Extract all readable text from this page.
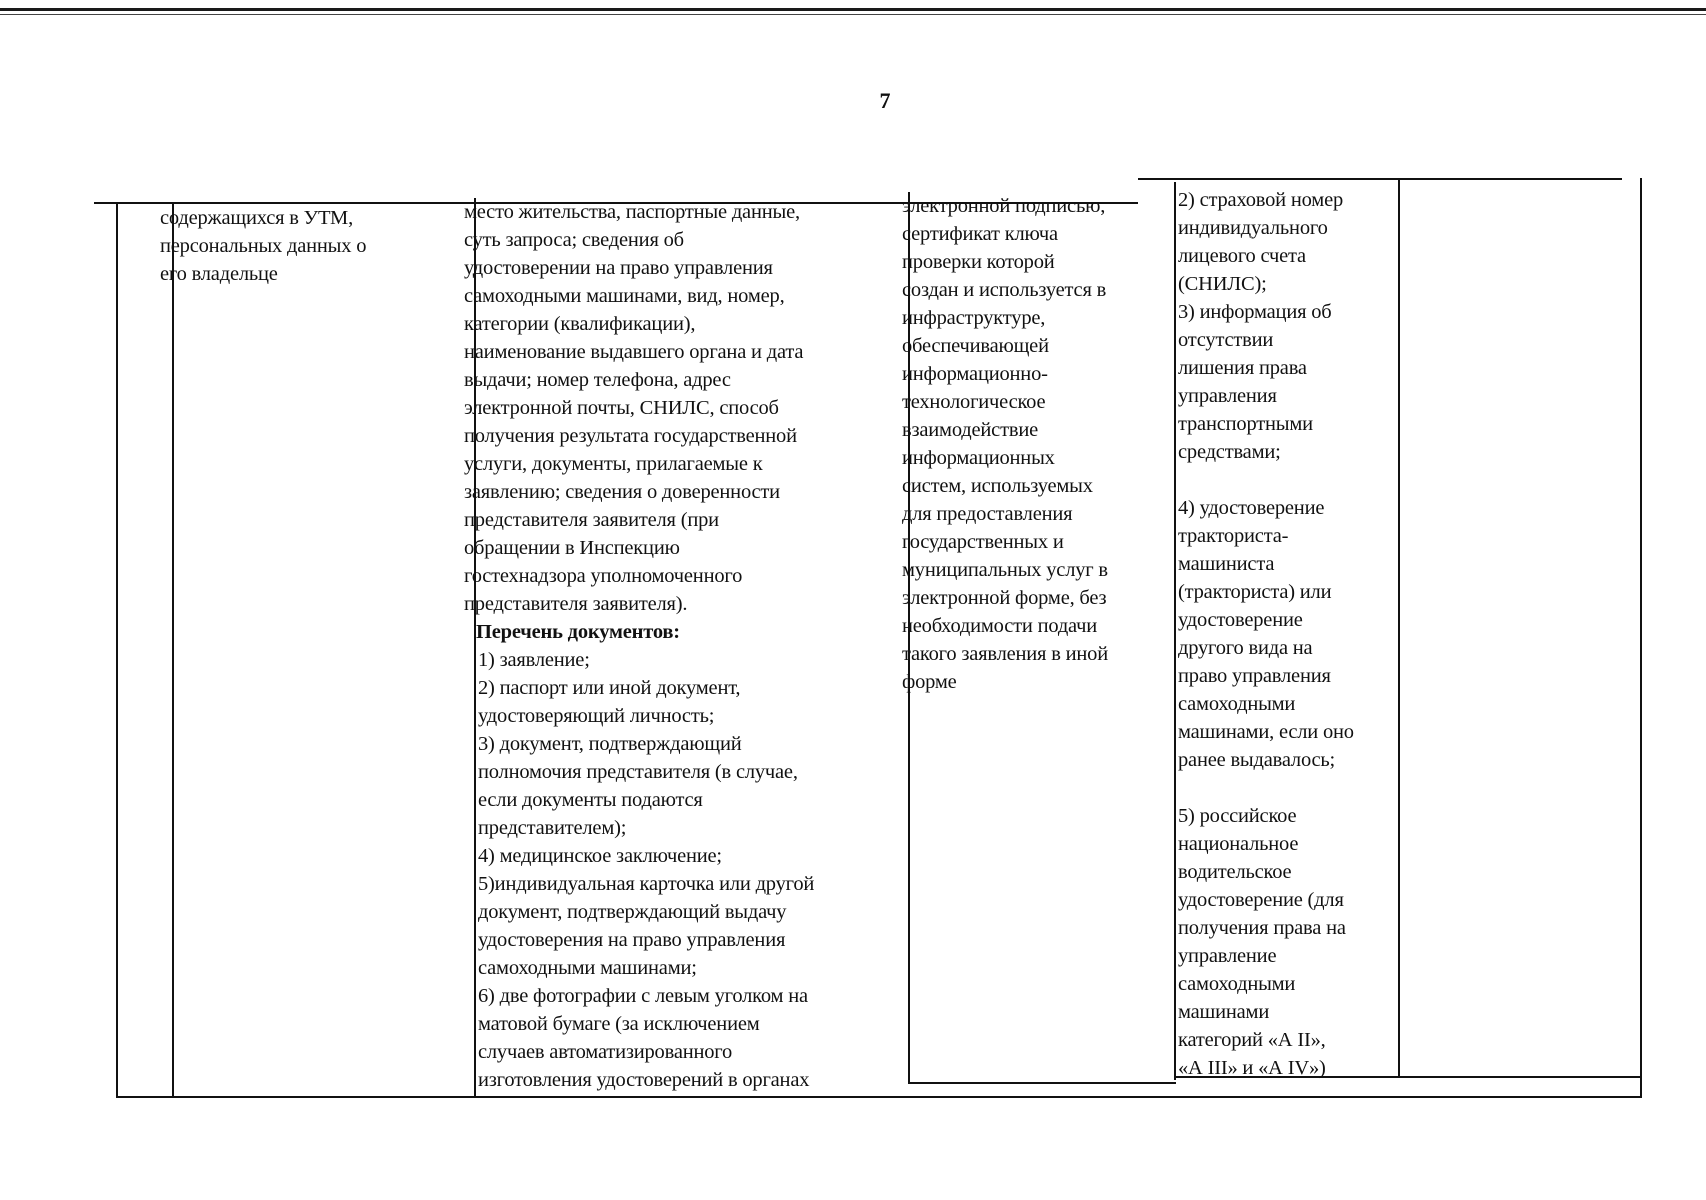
7
содержащихся в УТМ,
персональных данных о
его владельце
место жительства, паспортные данные,
суть запроса; сведения об
удостоверении на право управления
самоходными машинами, вид, номер,
категории (квалификации),
наименование выдавшего органа и дата
выдачи; номер телефона, адрес
электронной почты, СНИЛС, способ
получения результата государственной
услуги, документы, прилагаемые к
заявлению; сведения о доверенности
представителя заявителя (при
обращении в Инспекцию
гостехнадзора уполномоченного
представителя заявителя).
Перечень документов:
1) заявление;
2) паспорт или иной документ,
удостоверяющий личность;
3) документ, подтверждающий
полномочия представителя (в случае,
если документы подаются
представителем);
4) медицинское заключение;
5)индивидуальная карточка или другой
документ, подтверждающий выдачу
удостоверения на право управления
самоходными машинами;
6) две фотографии с левым уголком на
матовой бумаге (за исключением
случаев автоматизированного
изготовления удостоверений в органах
электронной подписью,
сертификат ключа
проверки которой
создан и используется в
инфраструктуре,
обеспечивающей
информационно-
технологическое
взаимодействие
информационных
систем, используемых
для предоставления
государственных и
муниципальных услуг в
электронной форме, без
необходимости подачи
такого заявления в иной
форме
2) страховой номер
индивидуального
лицевого счета
(СНИЛС);
3) информация об
отсутствии
лишения права
управления
транспортными
средствами;

4) удостоверение
тракториста-
машиниста
(тракториста) или
удостоверение
другого вида на
право управления
самоходными
машинами, если оно
ранее выдавалось;

5) российское
национальное
водительское
удостоверение (для
получения права на
управление
самоходными
машинами
категорий «А II»,
«А III» и «А IV»)
